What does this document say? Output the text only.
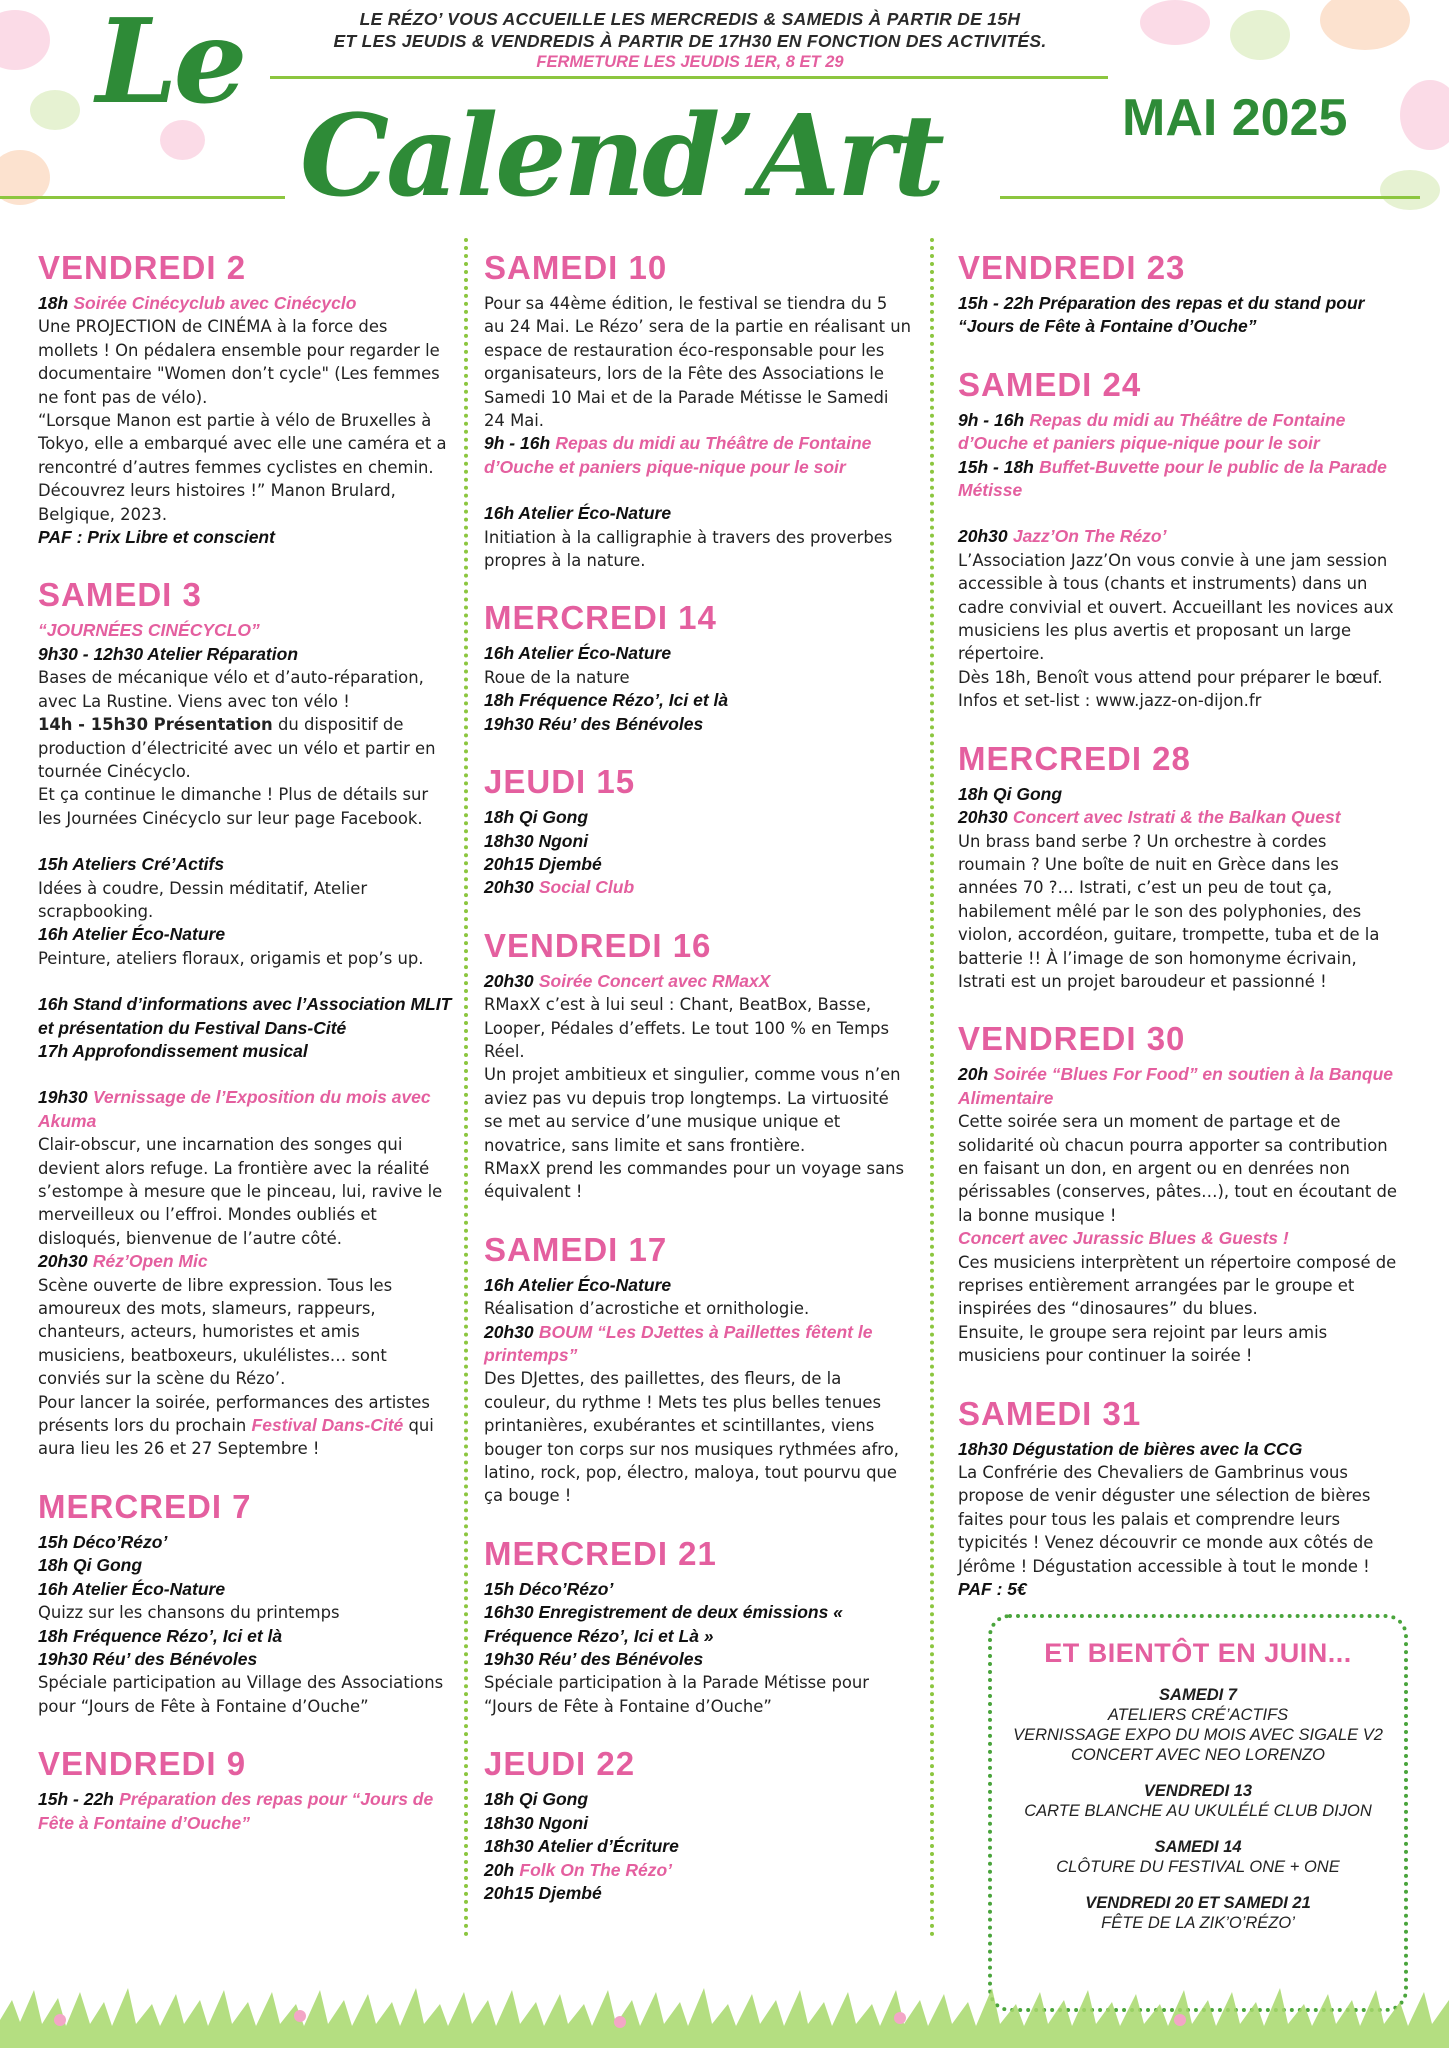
LE RÉZO’ VOUS ACCUEILLE LES MERCREDIS & SAMEDIS À PARTIR DE 15H
ET LES JEUDIS & VENDREDIS À PARTIR DE 17H30 EN FONCTION DES ACTIVITÉS.
FERMETURE LES JEUDIS 1ER, 8 ET 29
Le
Calend’Art	MAI 2025
VENDREDI 2

18h Soirée Cinécyclub avec Cinécyclo

Une PROJECTION de CINÉMA à la force des mollets ! On pédalera ensemble pour regarder le documentaire "Women don’t cycle" (Les femmes ne font pas de vélo).

“Lorsque Manon est partie à vélo de Bruxelles à Tokyo, elle a embarqué avec elle une caméra et a rencontré d’autres femmes cyclistes en chemin. Découvrez leurs histoires !” Manon Brulard, Belgique, 2023.

PAF : Prix Libre et conscient

SAMEDI 3

“JOURNÉES CINÉCYCLO”

9h30 - 12h30 Atelier Réparation

Bases de mécanique vélo et d’auto-réparation, avec La Rustine. Viens avec ton vélo !

14h - 15h30 Présentation du dispositif de production d’électricité avec un vélo et partir en tournée Cinécyclo.

Et ça continue le dimanche ! Plus de détails sur les Journées Cinécyclo sur leur page Facebook.

15h Ateliers Cré’Actifs

Idées à coudre, Dessin méditatif, Atelier scrapbooking.

16h Atelier Éco-Nature

Peinture, ateliers floraux, origamis et pop’s up.

16h Stand d’informations avec l’Association MLIT et présentation du Festival Dans-Cité

17h Approfondissement musical

19h30 Vernissage de l’Exposition du mois avec Akuma

Clair-obscur, une incarnation des songes qui devient alors refuge. La frontière avec la réalité s’estompe à mesure que le pinceau, lui, ravive le merveilleux ou l’effroi. Mondes oubliés et disloqués, bienvenue de l’autre côté.

20h30 Réz’Open Mic

Scène ouverte de libre expression. Tous les amoureux des mots, slameurs, rappeurs, chanteurs, acteurs, humoristes et amis musiciens, beatboxeurs, ukulélistes… sont conviés sur la scène du Rézo’.

Pour lancer la soirée, performances des artistes présents lors du prochain Festival Dans-Cité qui aura lieu les 26 et 27 Septembre !

MERCREDI 7

15h Déco’Rézo’

18h Qi Gong

16h Atelier Éco-Nature

Quizz sur les chansons du printemps

18h Fréquence Rézo’, Ici et là

19h30 Réu’ des Bénévoles

Spéciale participation au Village des Associations pour “Jours de Fête à Fontaine d’Ouche”

VENDREDI 9

15h - 22h Préparation des repas pour “Jours de Fête à Fontaine d’Ouche”

SAMEDI 10

Pour sa 44ème édition, le festival se tiendra du 5 au 24 Mai. Le Rézo’ sera de la partie en réalisant un espace de restauration éco-responsable pour les organisateurs, lors de la Fête des Associations le Samedi 10 Mai et de la Parade Métisse le Samedi 24 Mai.

9h - 16h Repas du midi au Théâtre de Fontaine d’Ouche et paniers pique-nique pour le soir

16h Atelier Éco-Nature

Initiation à la calligraphie à travers des proverbes propres à la nature.

MERCREDI 14

16h Atelier Éco-Nature

Roue de la nature

18h Fréquence Rézo’, Ici et là

19h30 Réu’ des Bénévoles

JEUDI 15

18h Qi Gong

18h30 Ngoni

20h15 Djembé

20h30 Social Club

VENDREDI 16

20h30 Soirée Concert avec RMaxX

RMaxX c’est à lui seul : Chant, BeatBox, Basse, Looper, Pédales d’effets. Le tout 100 % en Temps Réel.

Un projet ambitieux et singulier, comme vous n’en aviez pas vu depuis trop longtemps. La virtuosité se met au service d’une musique unique et novatrice, sans limite et sans frontière.

RMaxX prend les commandes pour un voyage sans équivalent !

SAMEDI 17

16h Atelier Éco-Nature

Réalisation d’acrostiche et ornithologie.

20h30 BOUM “Les DJettes à Paillettes fêtent le printemps”

Des DJettes, des paillettes, des fleurs, de la couleur, du rythme ! Mets tes plus belles tenues printanières, exubérantes et scintillantes, viens bouger ton corps sur nos musiques rythmées afro, latino, rock, pop, électro, maloya, tout pourvu que ça bouge !

MERCREDI 21

15h Déco’Rézo’

16h30 Enregistrement de deux émissions « Fréquence Rézo’, Ici et Là »

19h30 Réu’ des Bénévoles

Spéciale participation à la Parade Métisse pour “Jours de Fête à Fontaine d’Ouche”

JEUDI 22

18h Qi Gong

18h30 Ngoni

18h30 Atelier d’Écriture

20h Folk On The Rézo’

20h15 Djembé

VENDREDI 23

15h - 22h Préparation des repas et du stand pour “Jours de Fête à Fontaine d’Ouche”

SAMEDI 24

9h - 16h Repas du midi au Théâtre de Fontaine d’Ouche et paniers pique-nique pour le soir

15h - 18h Buffet-Buvette pour le public de la Parade Métisse

20h30 Jazz’On The Rézo’

L’Association Jazz’On vous convie à une jam session accessible à tous (chants et instruments) dans un cadre convivial et ouvert. Accueillant les novices aux musiciens les plus avertis et proposant un large répertoire.

Dès 18h, Benoît vous attend pour préparer le bœuf.

Infos et set-list : www.jazz-on-dijon.fr

MERCREDI 28

18h Qi Gong

20h30 Concert avec Istrati & the Balkan Quest

Un brass band serbe ? Un orchestre à cordes roumain ? Une boîte de nuit en Grèce dans les années 70 ?… Istrati, c’est un peu de tout ça, habilement mêlé par le son des polyphonies, des violon, accordéon, guitare, trompette, tuba et de la batterie !! À l’image de son homonyme écrivain, Istrati est un projet baroudeur et passionné !

VENDREDI 30

20h Soirée “Blues For Food” en soutien à la Banque Alimentaire

Cette soirée sera un moment de partage et de solidarité où chacun pourra apporter sa contribution en faisant un don, en argent ou en denrées non périssables (conserves, pâtes…), tout en écoutant de la bonne musique !

Concert avec Jurassic Blues & Guests !

Ces musiciens interprètent un répertoire composé de reprises entièrement arrangées par le groupe et inspirées des “dinosaures” du blues.

Ensuite, le groupe sera rejoint par leurs amis musiciens pour continuer la soirée !

SAMEDI 31

18h30 Dégustation de bières avec la CCG

La Confrérie des Chevaliers de Gambrinus vous propose de venir déguster une sélection de bières faites pour tous les palais et comprendre leurs typicités ! Venez découvrir ce monde aux côtés de Jérôme ! Dégustation accessible à tout le monde !

PAF : 5€

ET BIENTÔT EN JUIN...
SAMEDI 7
ATELIERS CRÉ’ACTIFS
VERNISSAGE EXPO DU MOIS AVEC SIGALE V2
CONCERT AVEC NEO LORENZO
VENDREDI 13
CARTE BLANCHE AU UKULÉLÉ CLUB DIJON
SAMEDI 14
CLÔTURE DU FESTIVAL ONE + ONE
VENDREDI 20 ET SAMEDI 21
FÊTE DE LA ZIK’O’RÉZO’
